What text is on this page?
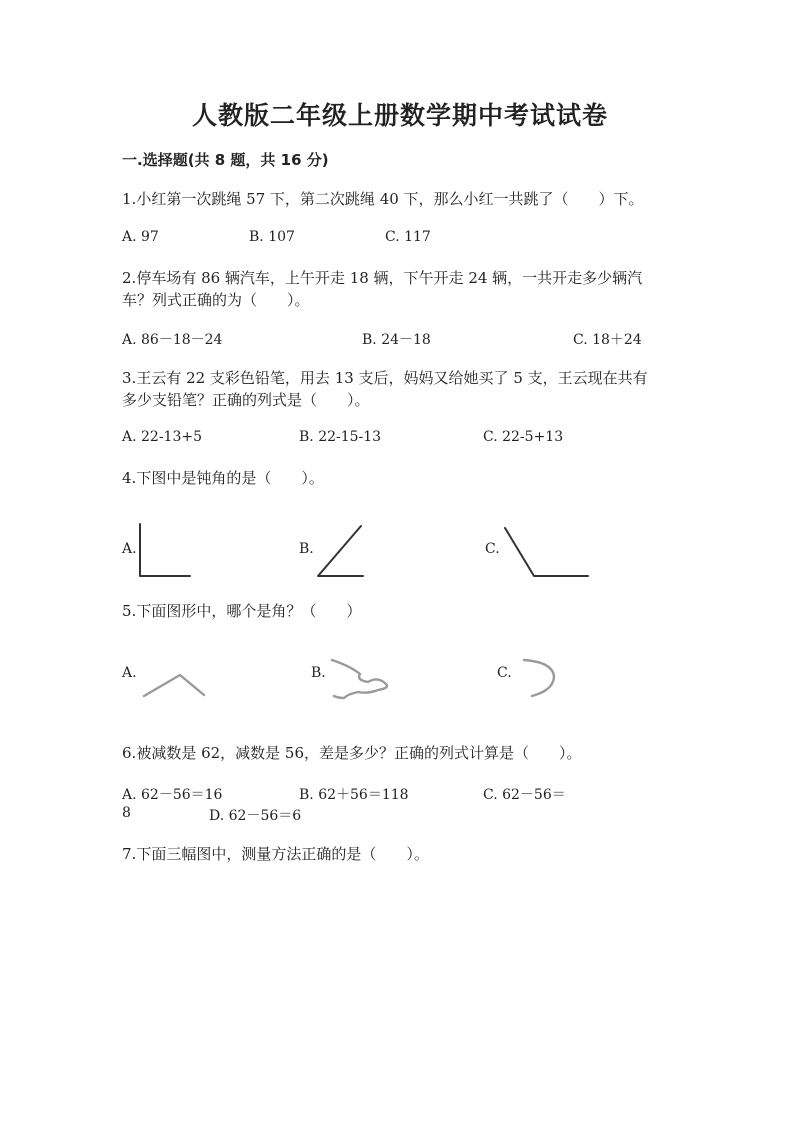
人教版二年级上册数学期中考试试卷
一.选择题(共 8 题，共 16 分)
1.小红第一次跳绳 57 下，第二次跳绳 40 下，那么小红一共跳了（　　）下。
A. 97	B. 107	C. 117
2.停车场有 86 辆汽车，上午开走 18 辆，下午开走 24 辆，一共开走多少辆汽
车？列式正确的为（　　）。
A. 86－18－24	B. 24－18	C. 18＋24
3.王云有 22 支彩色铅笔，用去 13 支后，妈妈又给她买了 5 支，王云现在共有
多少支铅笔？正确的列式是（　　）。
A. 22-13+5	B. 22-15-13	C. 22-5+13
4.下图中是钝角的是（　　）。
A.	B.	C.
5.下面图形中，哪个是角？（　　）
A.	B.	C.
6.被减数是 62，减数是 56，差是多少？正确的列式计算是（　　）。
A. 62－56＝16	B. 62＋56＝118	C. 62－56＝
8	D. 62－56＝6
7.下面三幅图中，测量方法正确的是（　　）。
